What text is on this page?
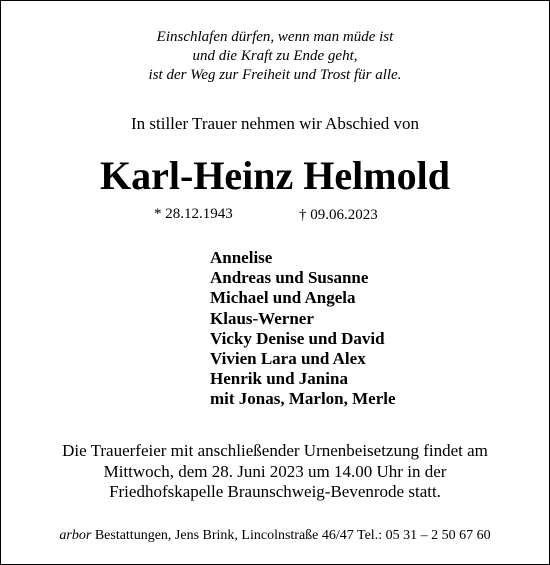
Einschlafen dürfen, wenn man müde ist
und die Kraft zu Ende geht,
ist der Weg zur Freiheit und Trost für alle.
In stiller Trauer nehmen wir Abschied von
Karl-Heinz Helmold
* 28.12.1943	† 09.06.2023
Annelise
Andreas und Susanne
Michael und Angela
Klaus-Werner
Vicky Denise und David
Vivien Lara und Alex
Henrik und Janina
mit Jonas, Marlon, Merle
Die Trauerfeier mit anschließender Urnenbeisetzung findet am
Mittwoch, dem 28. Juni 2023 um 14.00 Uhr in der
Friedhofskapelle Braunschweig-Bevenrode statt.
arbor Bestattungen, Jens Brink, Lincolnstraße 46/47 Tel.: 05 31 – 2 50 67 60
